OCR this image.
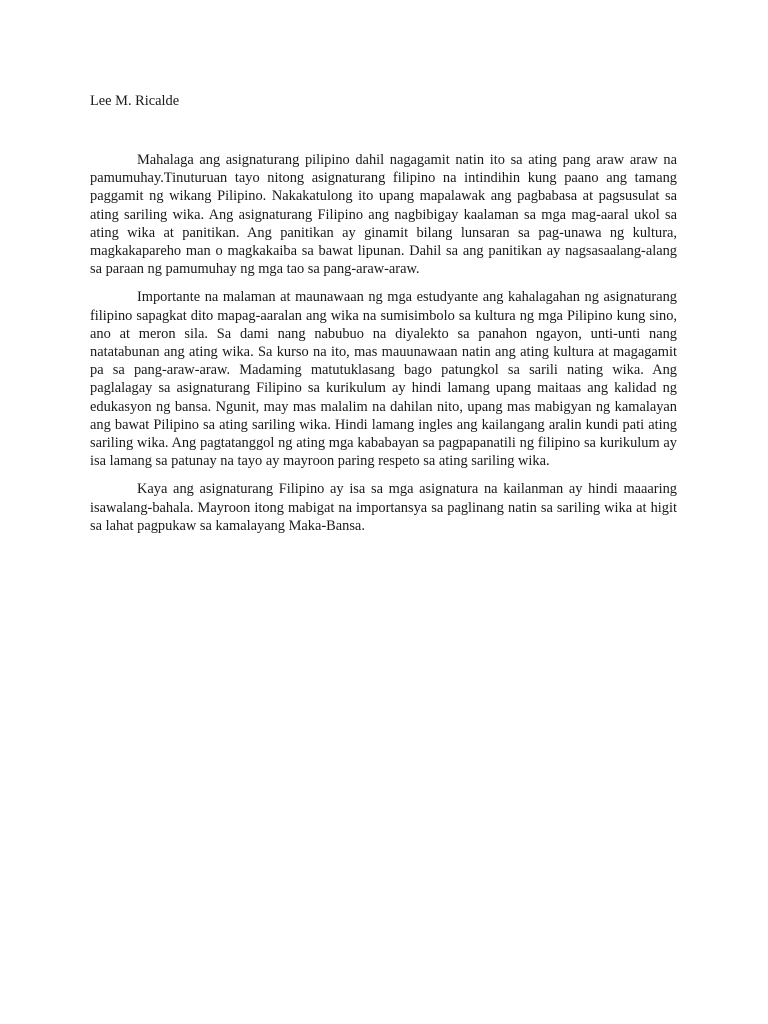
Lee M. Ricalde

Mahalaga ang asignaturang pilipino dahil nagagamit natin ito sa ating pang araw araw na pamumuhay.Tinuturuan tayo nitong asignaturang filipino na intindihin kung paano ang tamang paggamit ng wikang Pilipino. Nakakatulong ito upang mapalawak ang pagbabasa at pagsusulat sa ating sariling wika. Ang asignaturang Filipino ang nagbibigay kaalaman sa mga mag-aaral ukol sa ating wika at panitikan. Ang panitikan ay ginamit bilang lunsaran sa pag-unawa ng kultura, magkakapareho man o magkakaiba sa bawat lipunan. Dahil sa ang panitikan ay nagsasaalang-alang sa paraan ng pamumuhay ng mga tao sa pang-araw-araw.

Importante na malaman at maunawaan ng mga estudyante ang kahalagahan ng asignaturang filipino sapagkat dito mapag-aaralan ang wika na sumisimbolo sa kultura ng mga Pilipino kung sino, ano at meron sila. Sa dami nang nabubuo na diyalekto sa panahon ngayon, unti-unti nang natatabunan ang ating wika. Sa kurso na ito, mas mauunawaan natin ang ating kultura at magagamit pa sa pang-araw-araw. Madaming matutuklasang bago patungkol sa sarili nating wika. Ang paglalagay sa asignaturang Filipino sa kurikulum ay hindi lamang upang maitaas ang kalidad ng edukasyon ng bansa. Ngunit, may mas malalim na dahilan nito, upang mas mabigyan ng kamalayan ang bawat Pilipino sa ating sariling wika. Hindi lamang ingles ang kailangang aralin kundi pati ating sariling wika. Ang pagtatanggol ng ating mga kababayan sa pagpapanatili ng filipino sa kurikulum ay isa lamang sa patunay na tayo ay mayroon paring respeto sa ating sariling wika.

Kaya ang asignaturang Filipino ay isa sa mga asignatura na kailanman ay hindi maaaring isawalang-bahala. Mayroon itong mabigat na importansya sa paglinang natin sa sariling wika at higit sa lahat pagpukaw sa kamalayang Maka-Bansa.
